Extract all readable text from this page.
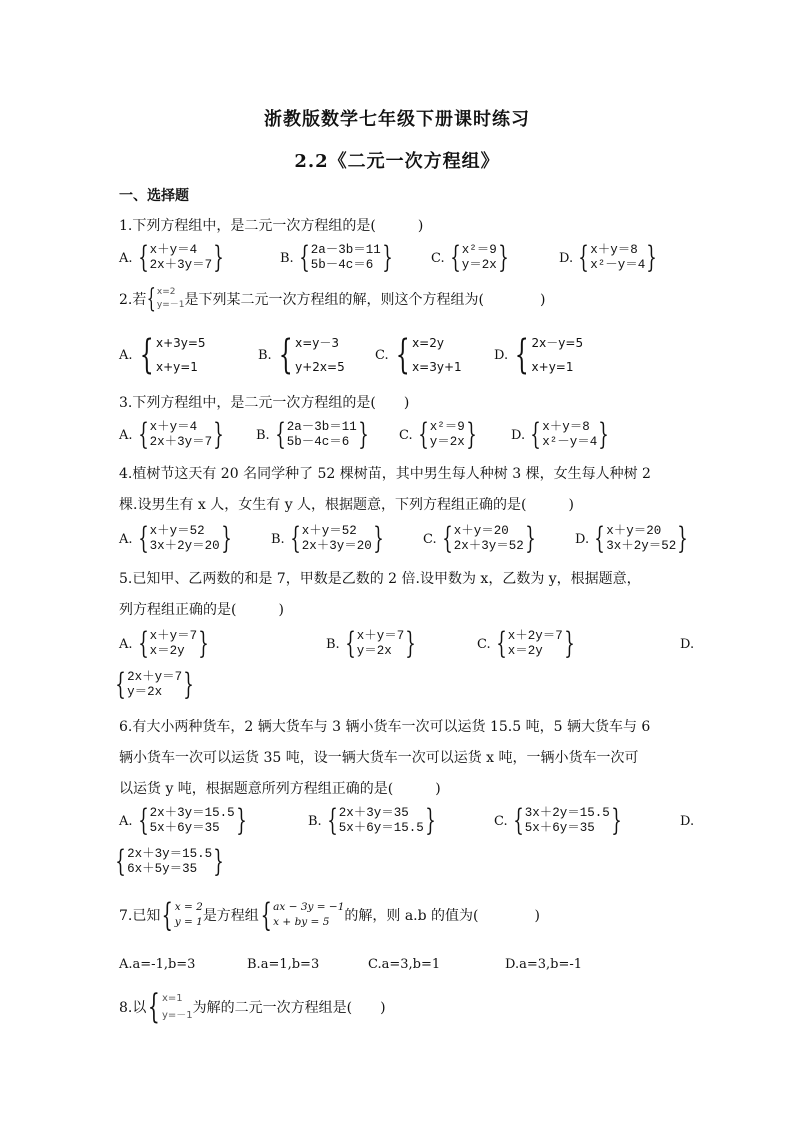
浙教版数学七年级下册课时练习
2.2《二元一次方程组》
一、选择题
1.下列方程组中，是二元一次方程组的是(　　　)
A. { x＋y＝4
2x＋3y＝7 }	B. { 2a－3b＝11
5b－4c＝6 }	C. { x²＝9
y＝2x }	D. { x＋y＝8
x²－y＝4 }
2.若 { x=2
y=－1 是下列某二元一次方程组的解，则这个方程组为(　　　　)
A. { x+3y=5
x+y=1
B. { x=y－3
y+2x=5
C. { x=2y
x=3y+1
D. { 2x－y=5
x+y=1
3.下列方程组中，是二元一次方程组的是(　　)
A. { x＋y＝4
2x＋3y＝7 } B. { 2a－3b＝11
5b－4c＝6 } C. { x²＝9
y＝2x }	D. { x＋y＝8
x²－y＝4 }
4.植树节这天有 20 名同学种了 52 棵树苗，其中男生每人种树 3 棵，女生每人种树 2
棵.设男生有 x 人，女生有 y 人，根据题意，下列方程组正确的是(　　　)
A. { x＋y＝52
3x＋2y＝20 }	B. { x＋y＝52
2x＋3y＝20 }	C. { x＋y＝20
2x＋3y＝52 }	D. { x＋y＝20
3x＋2y＝52 }
5.已知甲、乙两数的和是 7，甲数是乙数的 2 倍.设甲数为 x，乙数为 y，根据题意，
列方程组正确的是(　　　)
A. { x＋y＝7
x＝2y }	B. { x＋y＝7
y＝2x }	C. { x＋2y＝7
x＝2y }	D.
{ 2x＋y＝7
y＝2x }
6.有大小两种货车，2 辆大货车与 3 辆小货车一次可以运货 15.5 吨，5 辆大货车与 6
辆小货车一次可以运货 35 吨，设一辆大货车一次可以运货 x 吨，一辆小货车一次可
以运货 y 吨，根据题意所列方程组正确的是(　　　)
A. { 2x＋3y＝15.5
5x＋6y＝35 }	B. { 2x＋3y＝35
5x＋6y＝15.5 }	C. { 3x＋2y＝15.5
5x＋6y＝35 }	D.
{ 2x＋3y＝15.5
6x＋5y＝35 }
7.已知 { x = 2
y = 1 是方程组 { ax − 3y = −1
x + by = 5	的解，则 a.b 的值为(　　　　)
A. a=-1,b=3	B. a=1,b=3	C. a=3,b=1	D. a=3,b=-1
8.以 { x=1
y=－1 为解的二元一次方程组是(　　)
